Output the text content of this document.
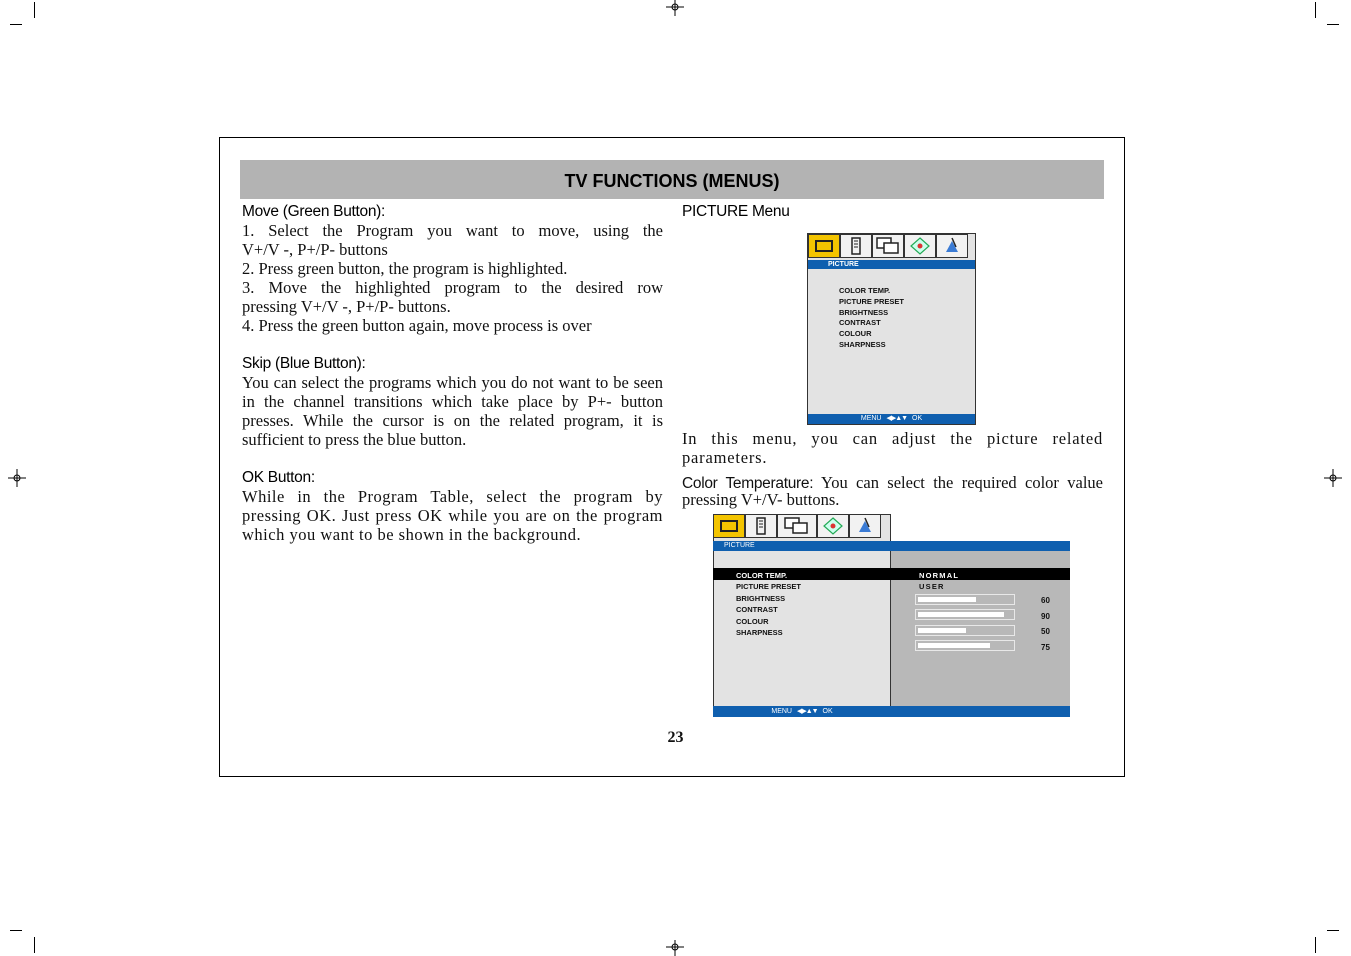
TV FUNCTIONS (MENUS)
Move (Green Button):
1. Select the Program you want to move, using the
V+/V -, P+/P- buttons
2. Press green button, the program is highlighted.
3. Move the highlighted program to the desired row
pressing V+/V -, P+/P- buttons.
4. Press the green button again, move process is over
Skip (Blue Button):
You can select the programs which you do not want to be seen in the channel transitions which take place by P+- button presses. While the cursor is on the related program, it is sufficient to press the blue button.
OK Button:
While in the Program Table, select the program by pressing OK. Just press OK while you are on the program which you want to be shown in the background.
PICTURE Menu
In this menu, you can adjust the picture related parameters.
Color Temperature: You can select the required color value pressing V+/V- buttons.
PICTURE
COLOR TEMP.
PICTURE PRESET
BRIGHTNESS
CONTRAST
COLOUR
SHARPNESS
MENU ◀▶▲▼ OK
PICTURE
COLOR TEMP.
PICTURE PRESET
BRIGHTNESS
CONTRAST
COLOUR
SHARPNESS
NORMAL
USER
60
90
50
75
MENU ◀▶▲▼ OK
23
